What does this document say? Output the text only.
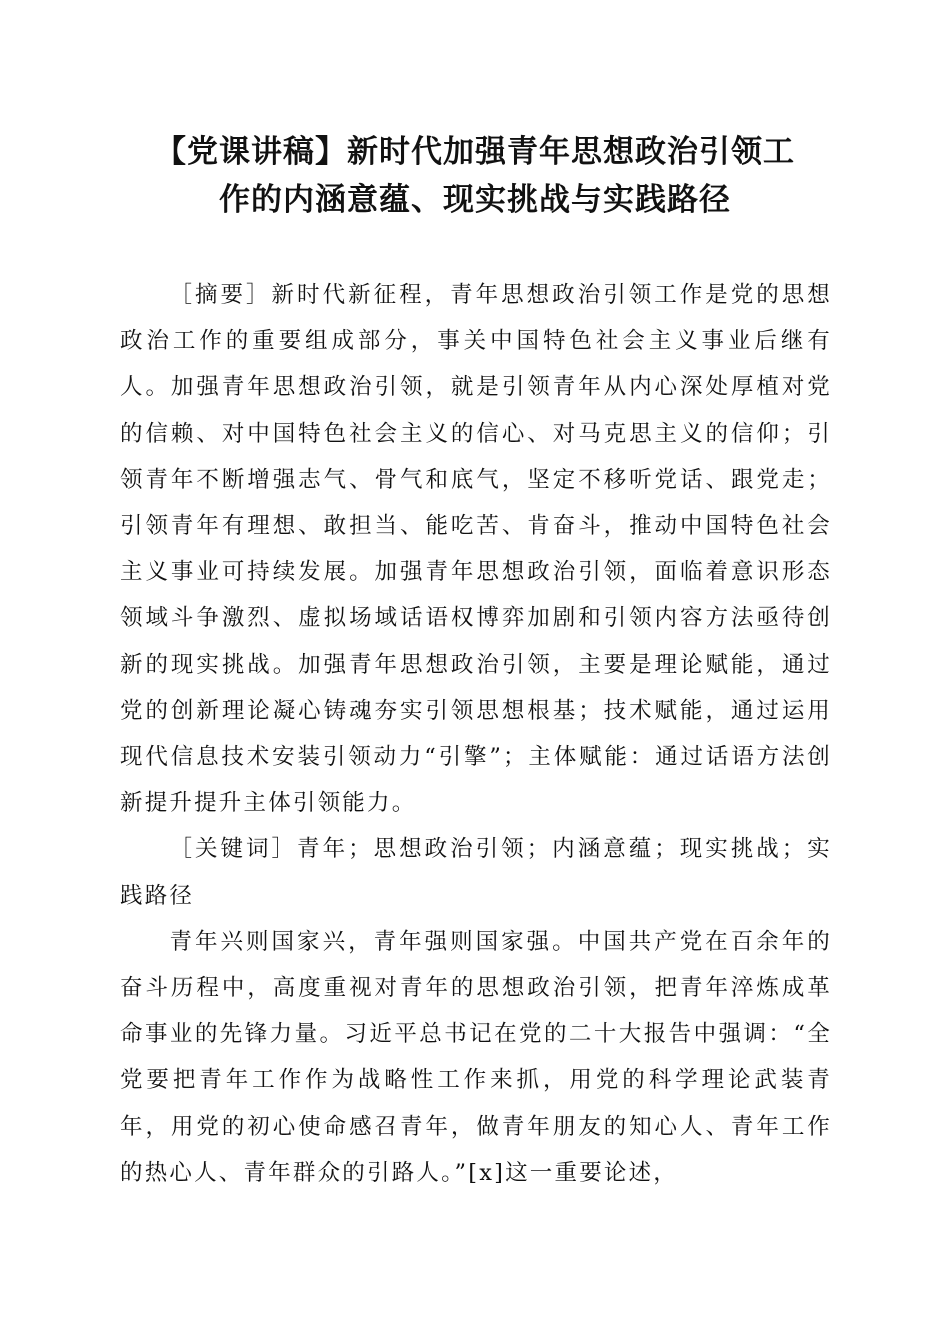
【党课讲稿】新时代加强青年思想政治引领工
作的内涵意蕴、现实挑战与实践路径

［摘要］新时代新征程，青年思想政治引领工作是党的思想政治工作的重要组成部分，事关中国特色社会主义事业后继有人。加强青年思想政治引领，就是引领青年从内心深处厚植对党的信赖、对中国特色社会主义的信心、对马克思主义的信仰；引领青年不断增强志气、骨气和底气，坚定不移听党话、跟党走；引领青年有理想、敢担当、能吃苦、肯奋斗，推动中国特色社会主义事业可持续发展。加强青年思想政治引领，面临着意识形态领域斗争激烈、虚拟场域话语权博弈加剧和引领内容方法亟待创新的现实挑战。加强青年思想政治引领，主要是理论赋能，通过党的创新理论凝心铸魂夯实引领思想根基；技术赋能，通过运用现代信息技术安装引领动力“引擎”；主体赋能：通过话语方法创新提升提升主体引领能力。

［关键词］青年；思想政治引领；内涵意蕴；现实挑战；实践路径

青年兴则国家兴，青年强则国家强。中国共产党在百余年的奋斗历程中，高度重视对青年的思想政治引领，把青年淬炼成革命事业的先锋力量。习近平总书记在党的二十大报告中强调：“全党要把青年工作作为战略性工作来抓，用党的科学理论武装青年，用党的初心使命感召青年，做青年朋友的知心人、青年工作的热心人、青年群众的引路人。”[x]这一重要论述，
